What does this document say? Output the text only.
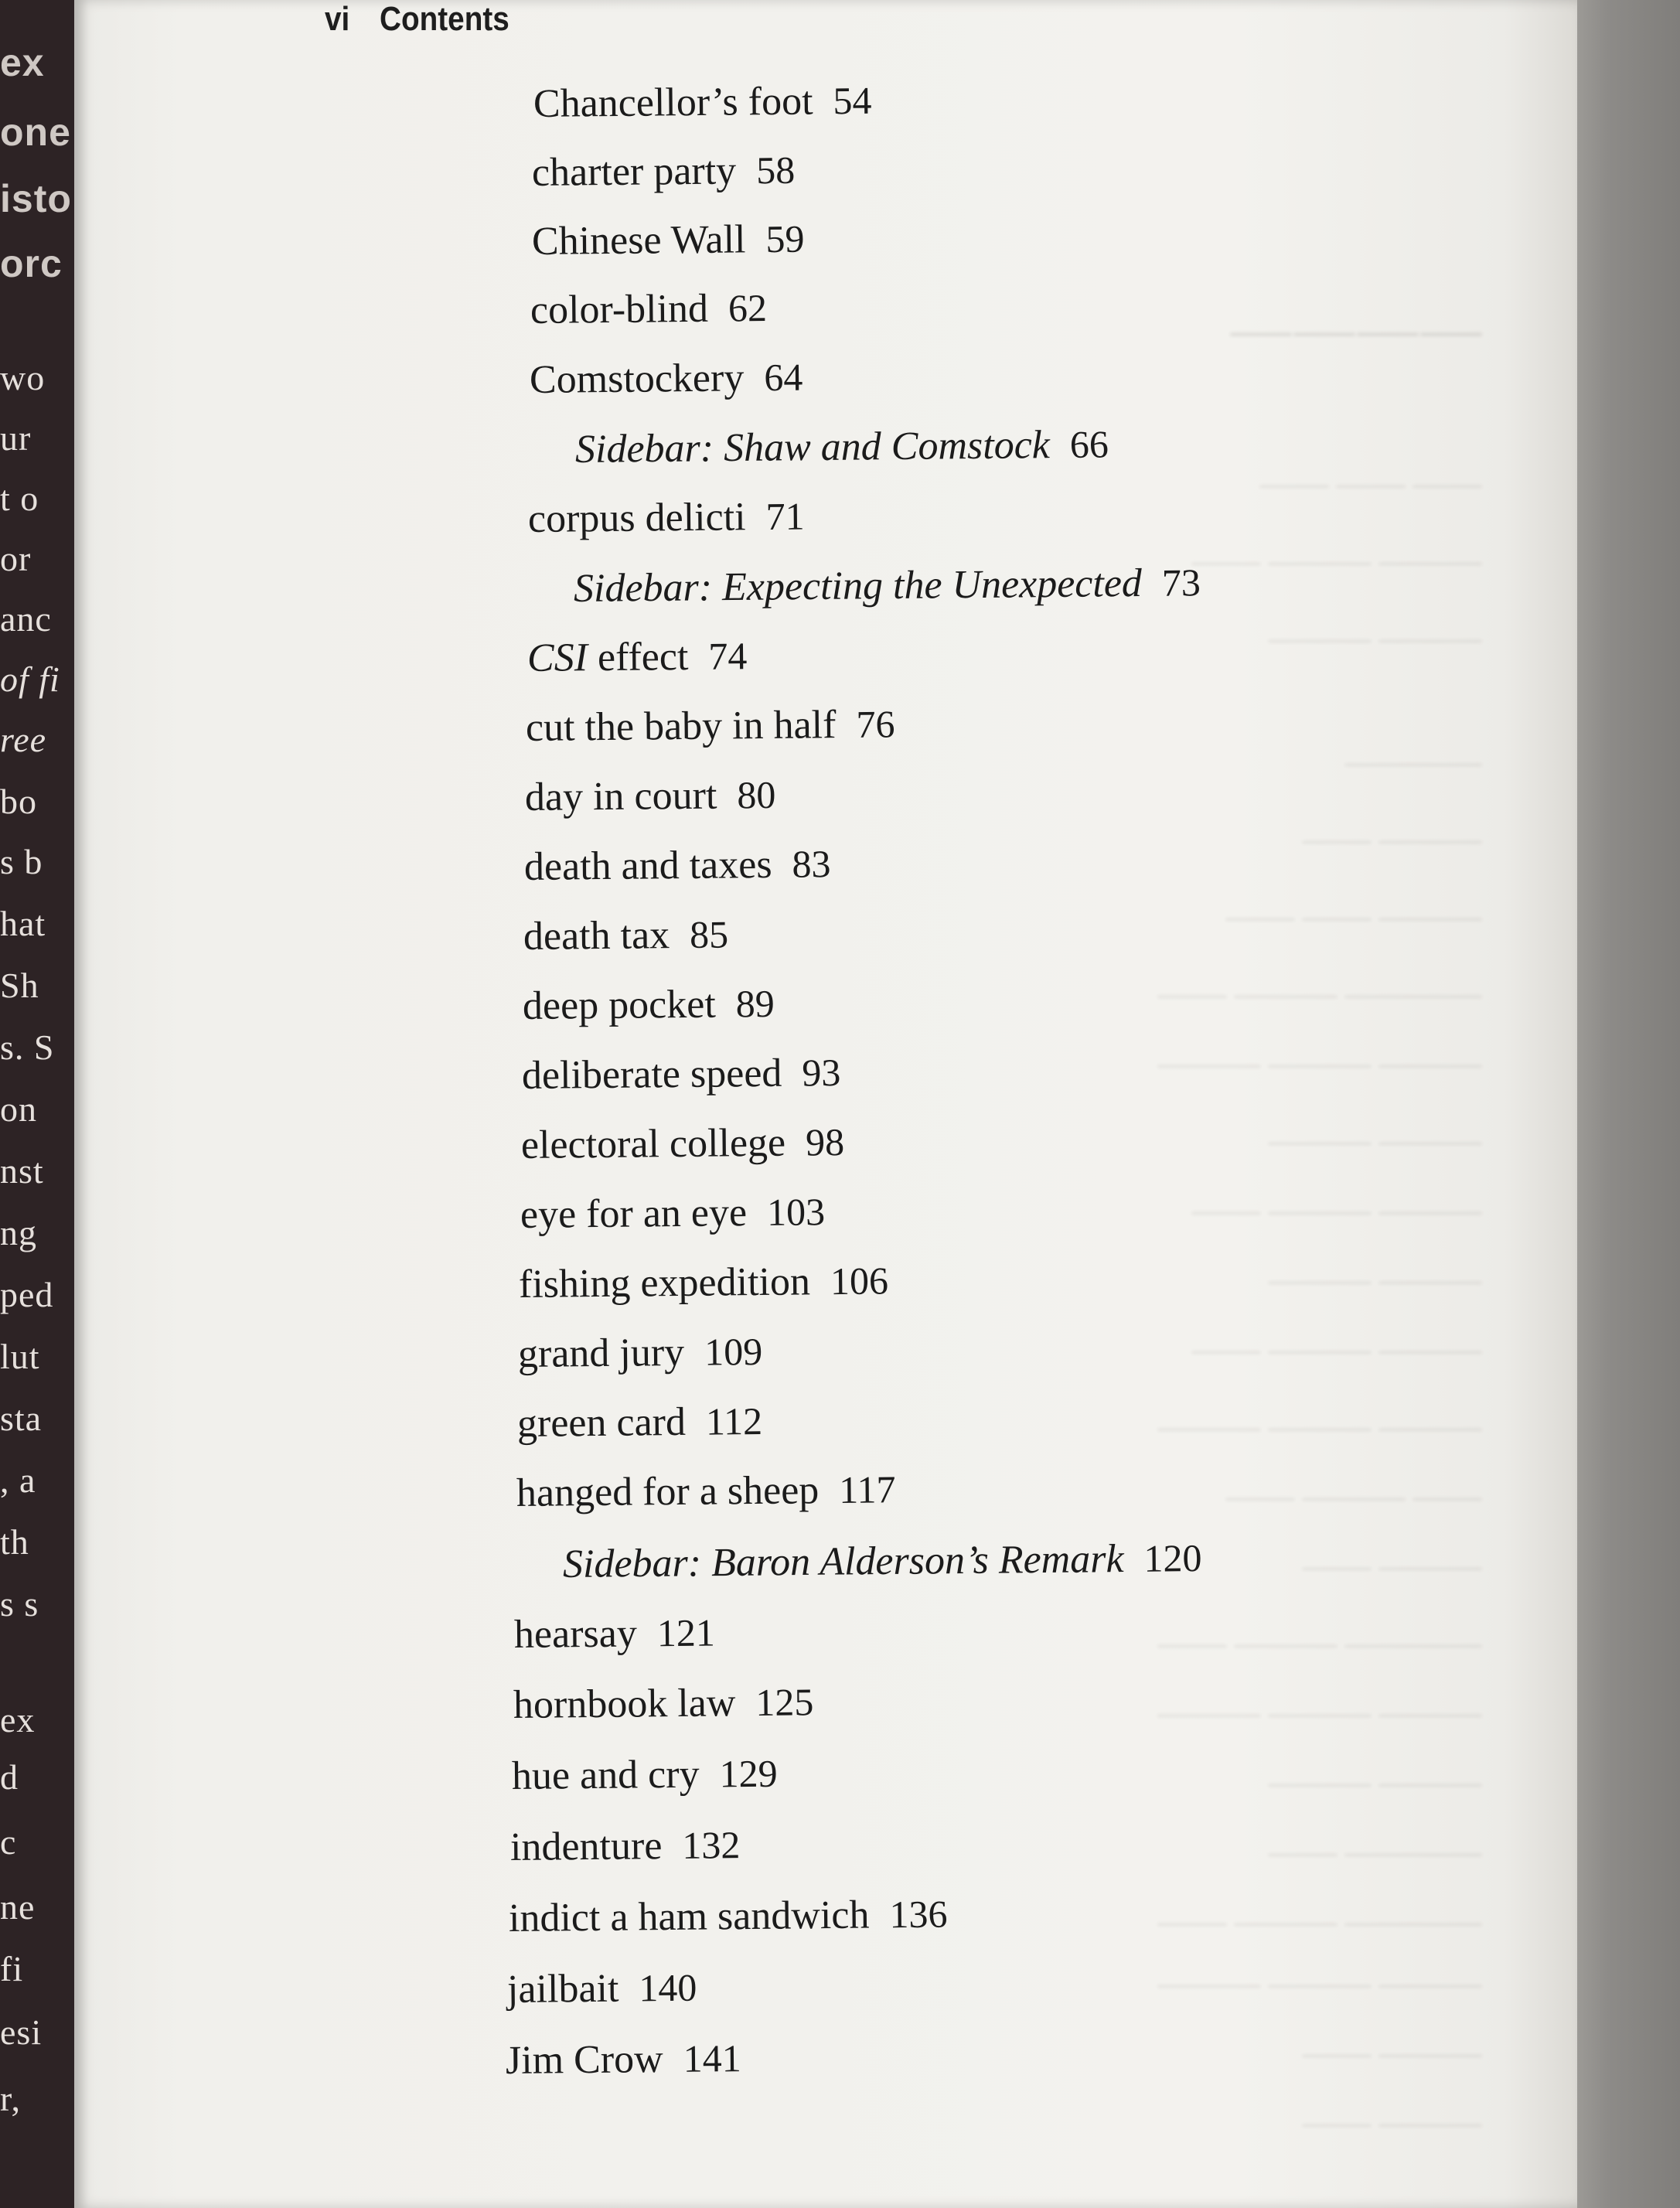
ex
one
isto
orc
wo
ur
t o
or
anc
of fi
ree
bo
s b
hat
Sh
s. S
on
nst
ng
ped
lut
sta
, a
th
s s
ex
d
c
ne
fi
esi
r,
————
—— —— ——
——— ——— ——
——— ———
————
——— ——
——— —— ——
———— ——— ——
——— ——— ———
——— ———
——— ——— ——
——— ———
——— ——— ——
——— ——— ———
—— ——— ——
——— ——
———— ——— ——
——— ——— ———
——— ———
———— ——
———— ——— ——
——— ——— ———
——— ——
——— ——
vi Contents
Chancellor’s foot 54
charter party 58
Chinese Wall 59
color-blind 62
Comstockery 64
Sidebar: Shaw and Comstock 66
corpus delicti 71
Sidebar: Expecting the Unexpected 73
CSI effect 74
cut the baby in half 76
day in court 80
death and taxes 83
death tax 85
deep pocket 89
deliberate speed 93
electoral college 98
eye for an eye 103
fishing expedition 106
grand jury 109
green card 112
hanged for a sheep 117
Sidebar: Baron Alderson’s Remark 120
hearsay 121
hornbook law 125
hue and cry 129
indenture 132
indict a ham sandwich 136
jailbait 140
Jim Crow 141
